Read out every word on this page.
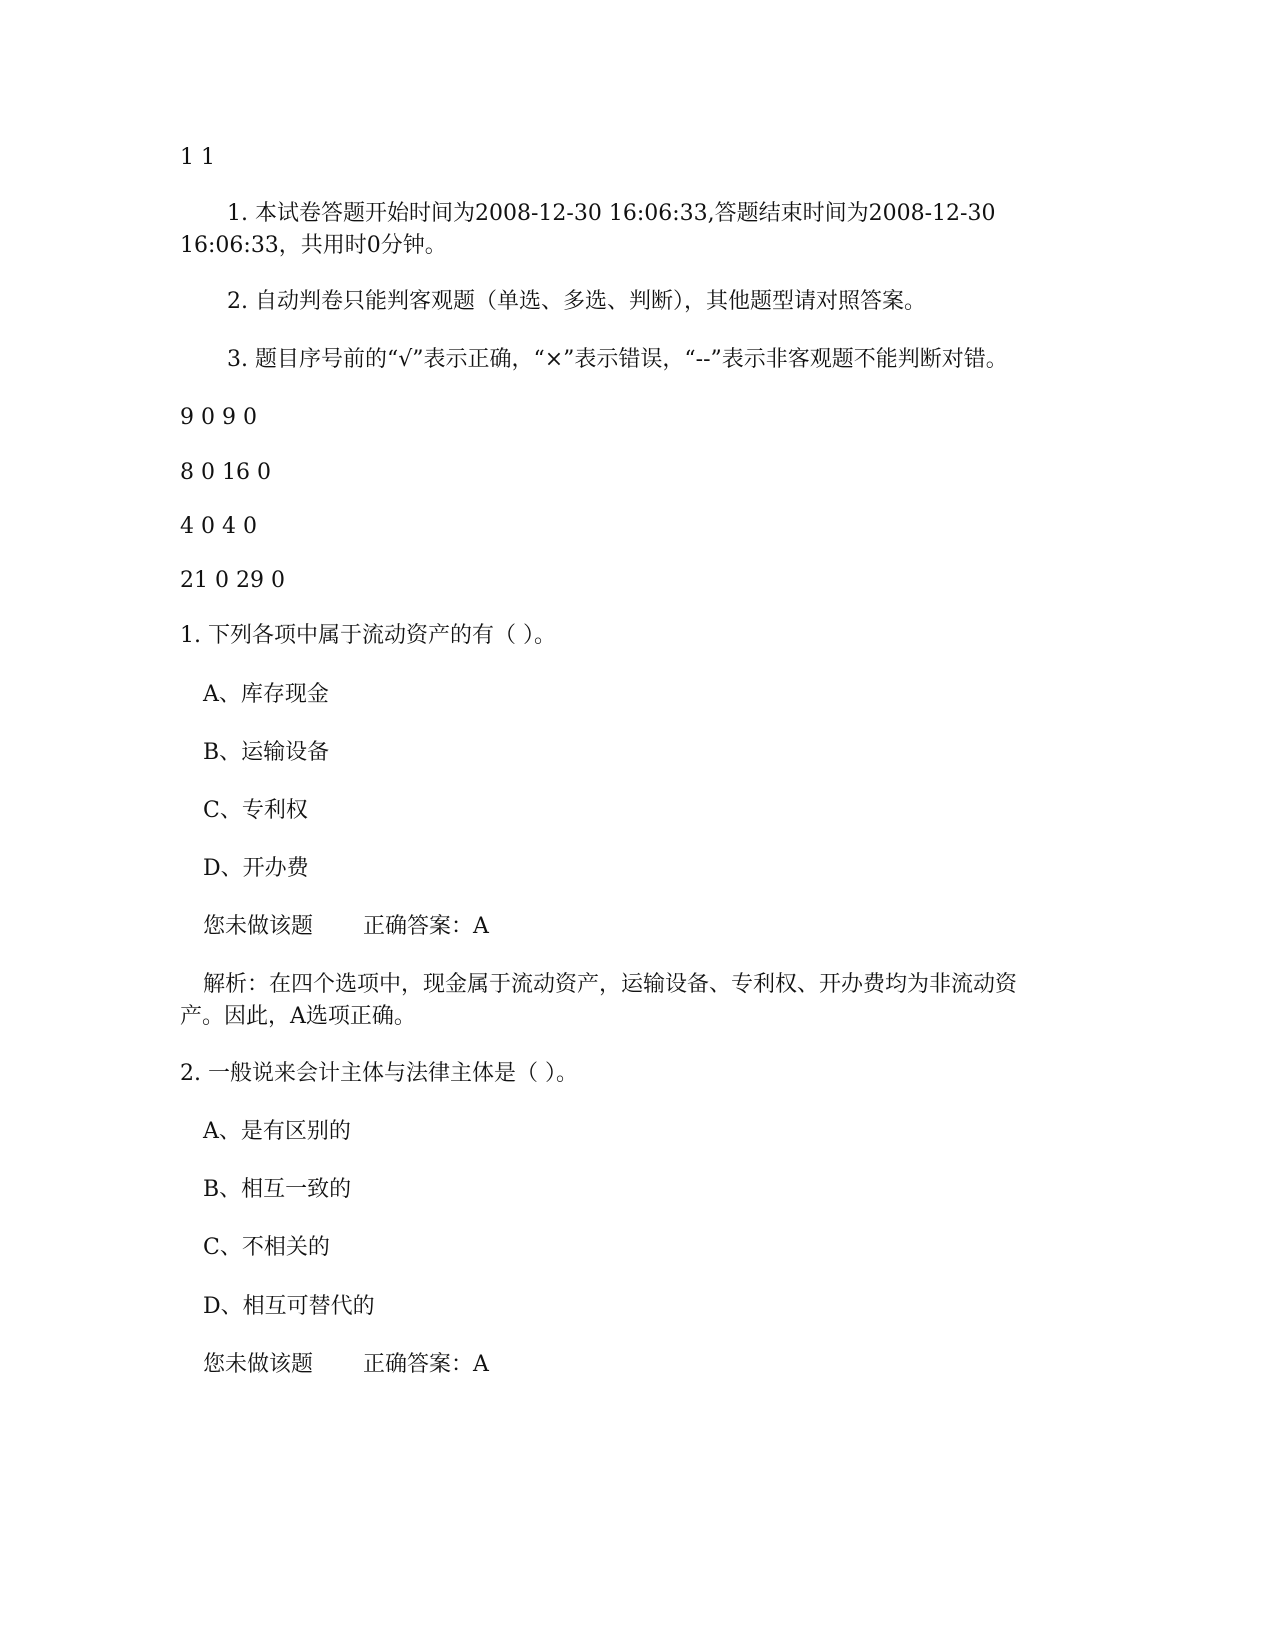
1 1

1. 本试卷答题开始时间为2008-12-30 16:06:33,答题结束时间为2008-12-30 16:06:33，共用时0分钟。

2. 自动判卷只能判客观题（单选、多选、判断），其他题型请对照答案。

3. 题目序号前的“√”表示正确，“×”表示错误，“--”表示非客观题不能判断对错。

9 0 9 0

8 0 16 0

4 0 4 0

21 0 29 0

1. 下列各项中属于流动资产的有（ ）。

A、库存现金

B、运输设备

C、专利权

D、开办费

您未做该题 正确答案：A

解析：在四个选项中，现金属于流动资产，运输设备、专利权、开办费均为非流动资产。因此，A选项正确。

2. 一般说来会计主体与法律主体是（ ）。

A、是有区别的

B、相互一致的

C、不相关的

D、相互可替代的

您未做该题 正确答案：A
